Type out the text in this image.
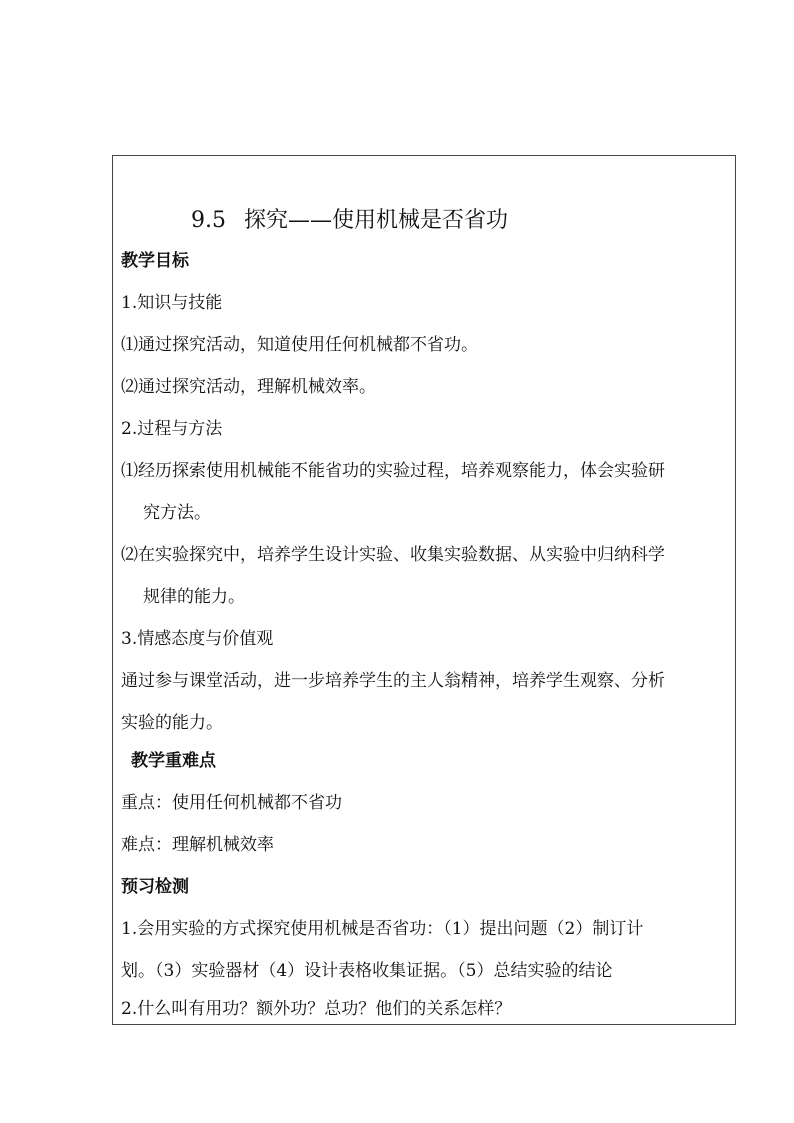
9.5 探究——使用机械是否省功
教学目标
1.知识与技能
⑴通过探究活动，知道使用任何机械都不省功。
⑵通过探究活动，理解机械效率。
2.过程与方法
⑴经历探索使用机械能不能省功的实验过程，培养观察能力，体会实验研
究方法。
⑵在实验探究中，培养学生设计实验、收集实验数据、从实验中归纳科学
规律的能力。
3.情感态度与价值观
通过参与课堂活动，进一步培养学生的主人翁精神，培养学生观察、分析
实验的能力。
教学重难点
重点：使用任何机械都不省功
难点：理解机械效率
预习检测
1.会用实验的方式探究使用机械是否省功：（1）提出问题（2）制订计
划。（3）实验器材（4）设计表格收集证据。（5）总结实验的结论
2.什么叫有用功？额外功？总功？他们的关系怎样？
